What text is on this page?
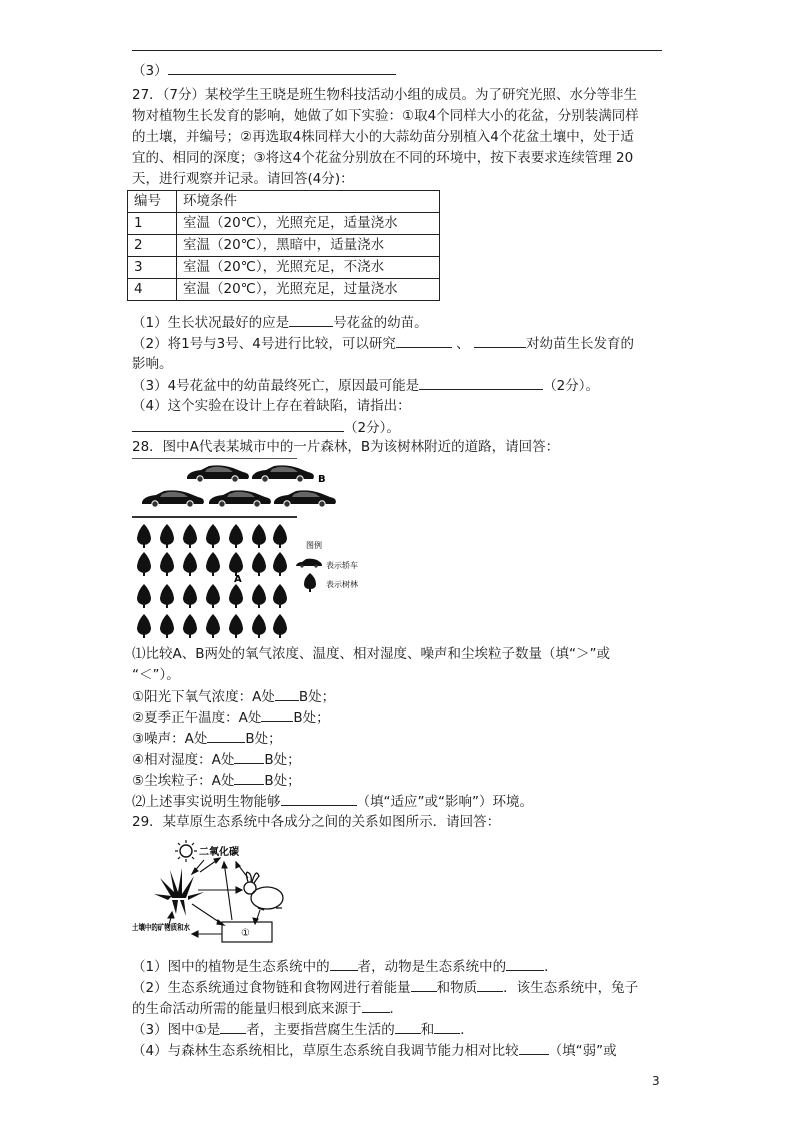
（3）
27．（7分）某校学生王晓是班生物科技活动小组的成员。为了研究光照、水分等非生
物对植物生长发育的影响，她做了如下实验：①取4个同样大小的花盆，分别装满同样
的土壤，并编号；②再选取4株同样大小的大蒜幼苗分别植入4个花盆土壤中，处于适
宜的、相同的深度；③将这4个花盆分别放在不同的环境中，按下表要求连续管理 20
天，进行观察并记录。请回答(4分)：
编号	环境条件
1	室温（20℃），光照充足，适量浇水
2	室温（20℃），黑暗中，适量浇水
3	室温（20℃），光照充足，不浇水
4	室温（20℃），光照充足，过量浇水
（1）生长状况最好的应是	号花盆的幼苗。
（2）将1号与3号、4号进行比较，可以研究	、	对幼苗生长发育的
影响。
（3）4号花盆中的幼苗最终死亡，原因最可能是	（2分）。
（4）这个实验在设计上存在着缺陷，请指出：
（2分）。
28．图中A代表某城市中的一片森林，B为该树林附近的道路，请回答：
B
A
图例
表示轿车
表示树林
⑴比较A、B两处的氧气浓度、温度、相对湿度、噪声和尘埃粒子数量（填“＞”或
“＜”）。
①阳光下氧气浓度：A处 B处；
②夏季正午温度：A处 B处；
③噪声：A处	B处；
④相对湿度：A处 B处；
⑤尘埃粒子：A处 B处；
⑵上述事实说明生物能够	（填“适应”或“影响”）环境。
29．某草原生态系统中各成分之间的关系如图所示．请回答：
二氧化碳
①
土壤中的矿物质和水
（1）图中的植物是生态系统中的 者，动物是生态系统中的	．
（2）生态系统通过食物链和食物网进行着能量 和物质 ．该生态系统中，兔子
的生命活动所需的能量归根到底来源于 ．
（3）图中①是 者，主要指营腐生生活的 和 ．
（4）与森林生态系统相比，草原生态系统自我调节能力相对比较 （填“弱”或
3
